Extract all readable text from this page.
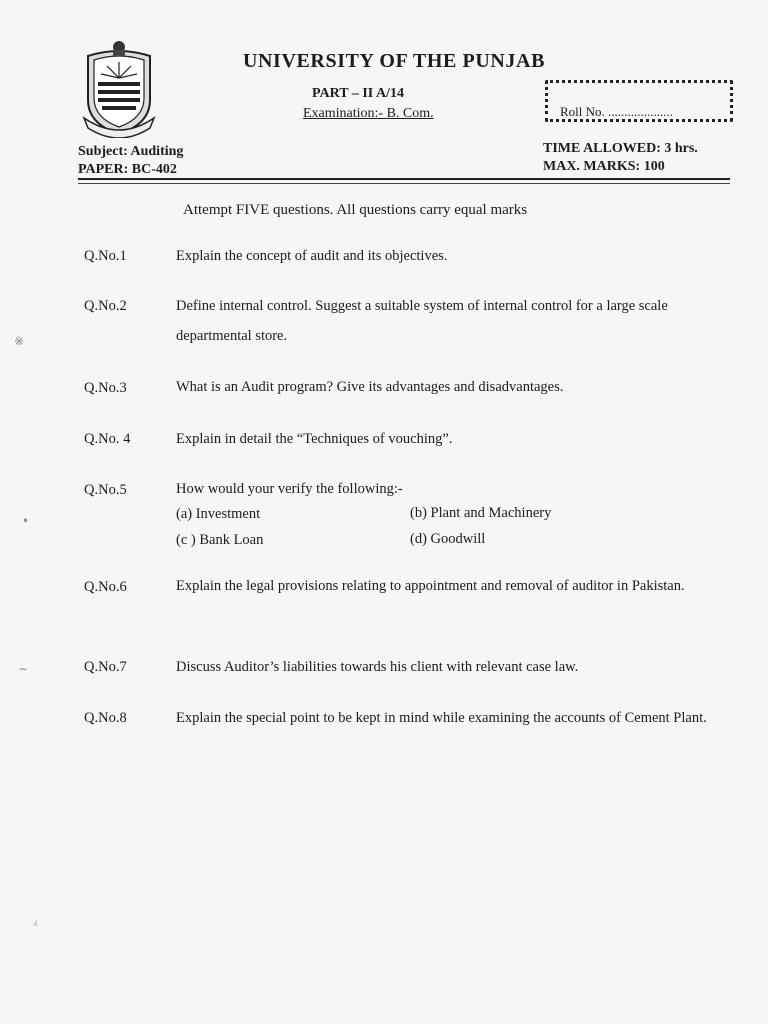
UNIVERSITY OF THE PUNJAB
PART – II A/14
Examination:- B. Com.	Roll No. ....................
Subject: Auditing
PAPER: BC-402
TIME ALLOWED: 3 hrs.
MAX. MARKS: 100
Attempt FIVE questions. All questions carry equal marks
Q.No.1	Explain the concept of audit and its objectives.
Q.No.2	Define internal control. Suggest a suitable system of internal control for a large scale departmental store.
Q.No.3	What is an Audit program? Give its advantages and disadvantages.
Q.No. 4	Explain in detail the “Techniques of vouching”.
Q.No.5	How would your verify the following:-
(a) Investment	(b) Plant and Machinery
(c ) Bank Loan	(d) Goodwill
Q.No.6	Explain the legal provisions relating to appointment and removal of auditor in Pakistan.
Q.No.7	Discuss Auditor’s liabilities towards his client with relevant case law.
Q.No.8	Explain the special point to be kept in mind while examining the accounts of Cement Plant.
※
•
∼
⁁
